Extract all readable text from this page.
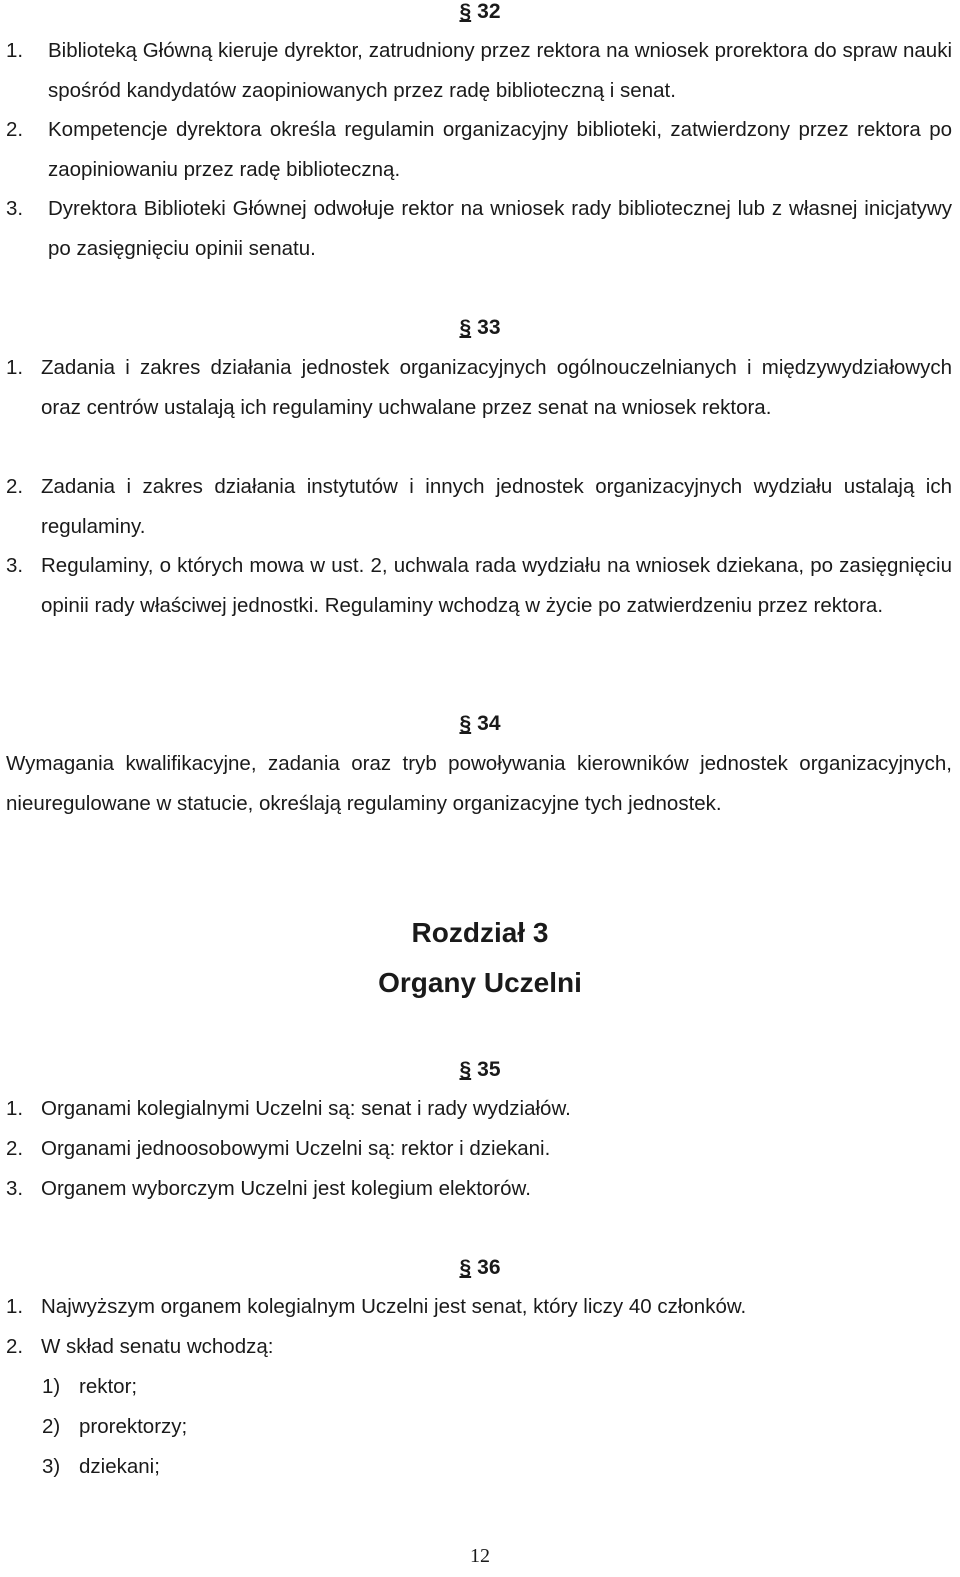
§ 32
1.	Biblioteką Główną kieruje dyrektor, zatrudniony przez rektora na wniosek prorektora do spraw nauki spośród kandydatów zaopiniowanych przez radę biblioteczną i senat.
2.	Kompetencje dyrektora określa regulamin organizacyjny biblioteki, zatwierdzony przez rektora po zaopiniowaniu przez radę biblioteczną.
3.	Dyrektora Biblioteki Głównej odwołuje rektor na wniosek rady bibliotecznej lub z własnej inicjatywy po zasięgnięciu opinii senatu.
§ 33
1. Zadania i zakres działania jednostek organizacyjnych ogólnouczelnianych i międzywydziałowych oraz centrów ustalają ich regulaminy uchwalane przez senat na wniosek rektora.
2. Zadania i zakres działania instytutów i innych jednostek organizacyjnych wydziału ustalają ich regulaminy.
3. Regulaminy, o których mowa w ust. 2, uchwala rada wydziału na wniosek dziekana, po zasięgnięciu opinii rady właściwej jednostki. Regulaminy wchodzą w życie po zatwierdzeniu przez rektora.
§ 34
Wymagania kwalifikacyjne, zadania oraz tryb powoływania kierowników jednostek organizacyjnych, nieuregulowane w statucie, określają regulaminy organizacyjne tych jednostek.
Rozdział 3
Organy Uczelni
§ 35
1. Organami kolegialnymi Uczelni są: senat i rady wydziałów.
2. Organami jednoosobowymi Uczelni są: rektor i dziekani.
3. Organem wyborczym Uczelni jest kolegium elektorów.
§ 36
1. Najwyższym organem kolegialnym Uczelni jest senat, który liczy 40 członków.
2. W skład senatu wchodzą:
1) rektor;
2) prorektorzy;
3) dziekani;
12
